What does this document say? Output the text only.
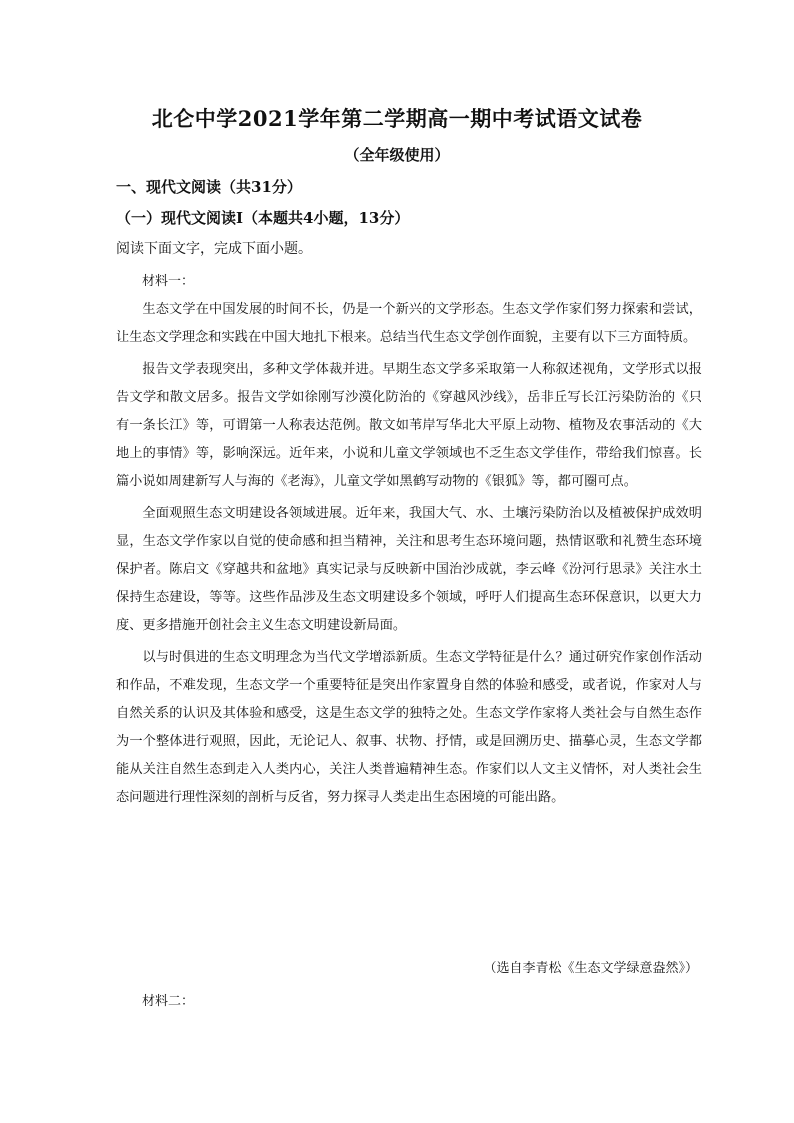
北仑中学2021学年第二学期高一期中考试语文试卷
（全年级使用）
一、现代文阅读（共31分）
（一）现代文阅读Ⅰ（本题共4小题，13分）
阅读下面文字，完成下面小题。
材料一：

生态文学在中国发展的时间不长，仍是一个新兴的文学形态。生态文学作家们努力探索和尝试，让生态文学理念和实践在中国大地扎下根来。总结当代生态文学创作面貌，主要有以下三方面特质。

报告文学表现突出，多种文学体裁并进。早期生态文学多采取第一人称叙述视角，文学形式以报告文学和散文居多。报告文学如徐刚写沙漠化防治的《穿越风沙线》，岳非丘写长江污染防治的《只有一条长江》等，可谓第一人称表达范例。散文如苇岸写华北大平原上动物、植物及农事活动的《大地上的事情》等，影响深远。近年来，小说和儿童文学领域也不乏生态文学佳作，带给我们惊喜。长篇小说如周建新写人与海的《老海》，儿童文学如黑鹤写动物的《银狐》等，都可圈可点。

全面观照生态文明建设各领域进展。近年来，我国大气、水、土壤污染防治以及植被保护成效明显，生态文学作家以自觉的使命感和担当精神，关注和思考生态环境问题，热情讴歌和礼赞生态环境保护者。陈启文《穿越共和盆地》真实记录与反映新中国治沙成就，李云峰《汾河行思录》关注水土保持生态建设，等等。这些作品涉及生态文明建设多个领域，呼吁人们提高生态环保意识，以更大力度、更多措施开创社会主义生态文明建设新局面。

以与时俱进的生态文明理念为当代文学增添新质。生态文学特征是什么？通过研究作家创作活动和作品，不难发现，生态文学一个重要特征是突出作家置身自然的体验和感受，或者说，作家对人与自然关系的认识及其体验和感受，这是生态文学的独特之处。生态文学作家将人类社会与自然生态作为一个整体进行观照，因此，无论记人、叙事、状物、抒情，或是回溯历史、描摹心灵，生态文学都能从关注自然生态到走入人类内心，关注人类普遍精神生态。作家们以人文主义情怀，对人类社会生态问题进行理性深刻的剖析与反省，努力探寻人类走出生态困境的可能出路。

（选自李青松《生态文学绿意盎然》）
材料二：
